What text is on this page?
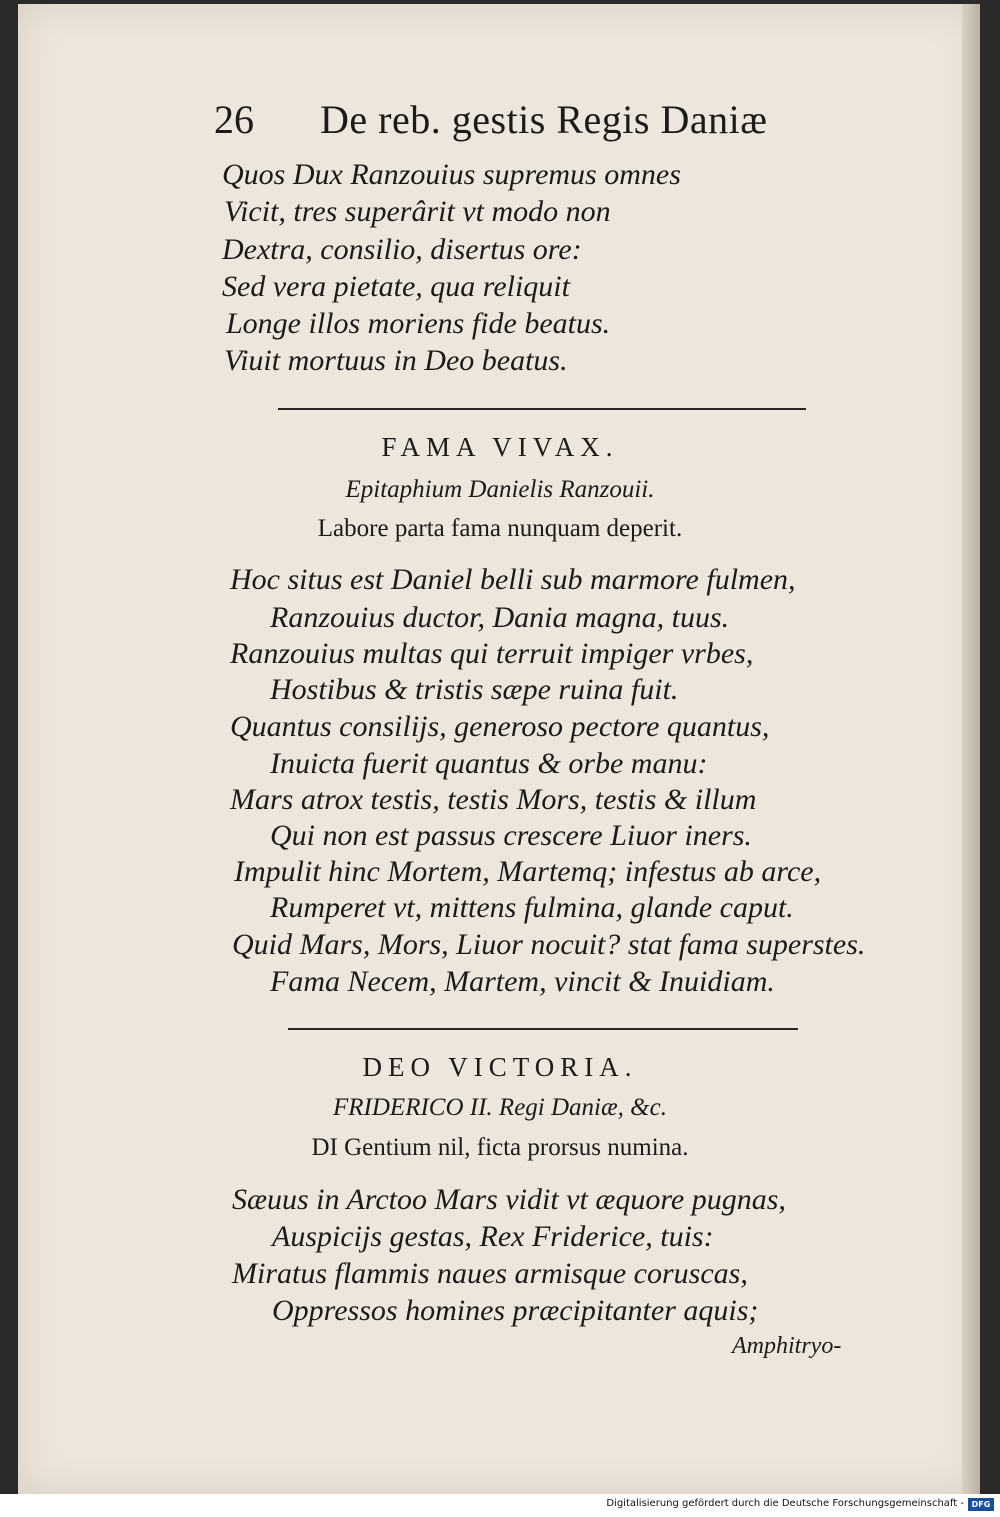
26 De reb. gestis Regis Daniæ
Quos Dux Ranzouius supremus omnes
Vicit, tres superârit vt modo non
Dextra, consilio, disertus ore:
Sed vera pietate, qua reliquit
Longe illos moriens fide beatus.
Viuit mortuus in Deo beatus.
FAMA VIVAX.
Epitaphium Danielis Ranzouii.
Labore parta fama nunquam deperit.
Hoc situs est Daniel belli sub marmore fulmen,
Ranzouius ductor, Dania magna, tuus.
Ranzouius multas qui terruit impiger vrbes,
Hostibus & tristis sæpe ruina fuit.
Quantus consilijs, generoso pectore quantus,
Inuicta fuerit quantus & orbe manu:
Mars atrox testis, testis Mors, testis & illum
Qui non est passus crescere Liuor iners.
Impulit hinc Mortem, Martemq; infestus ab arce,
Rumperet vt, mittens fulmina, glande caput.
Quid Mars, Mors, Liuor nocuit? stat fama superstes.
Fama Necem, Martem, vincit & Inuidiam.
DEO VICTORIA.
FRIDERICO II. Regi Daniæ, &c.
DI Gentium nil, ficta prorsus numina.
Sæuus in Arctoo Mars vidit vt æquore pugnas,
Auspicijs gestas, Rex Friderice, tuis:
Miratus flammis naues armisque coruscas,
Oppressos homines præcipitanter aquis;
Amphitryo-
Digitalisierung gefördert durch die Deutsche Forschungsgemeinschaft - DFG
